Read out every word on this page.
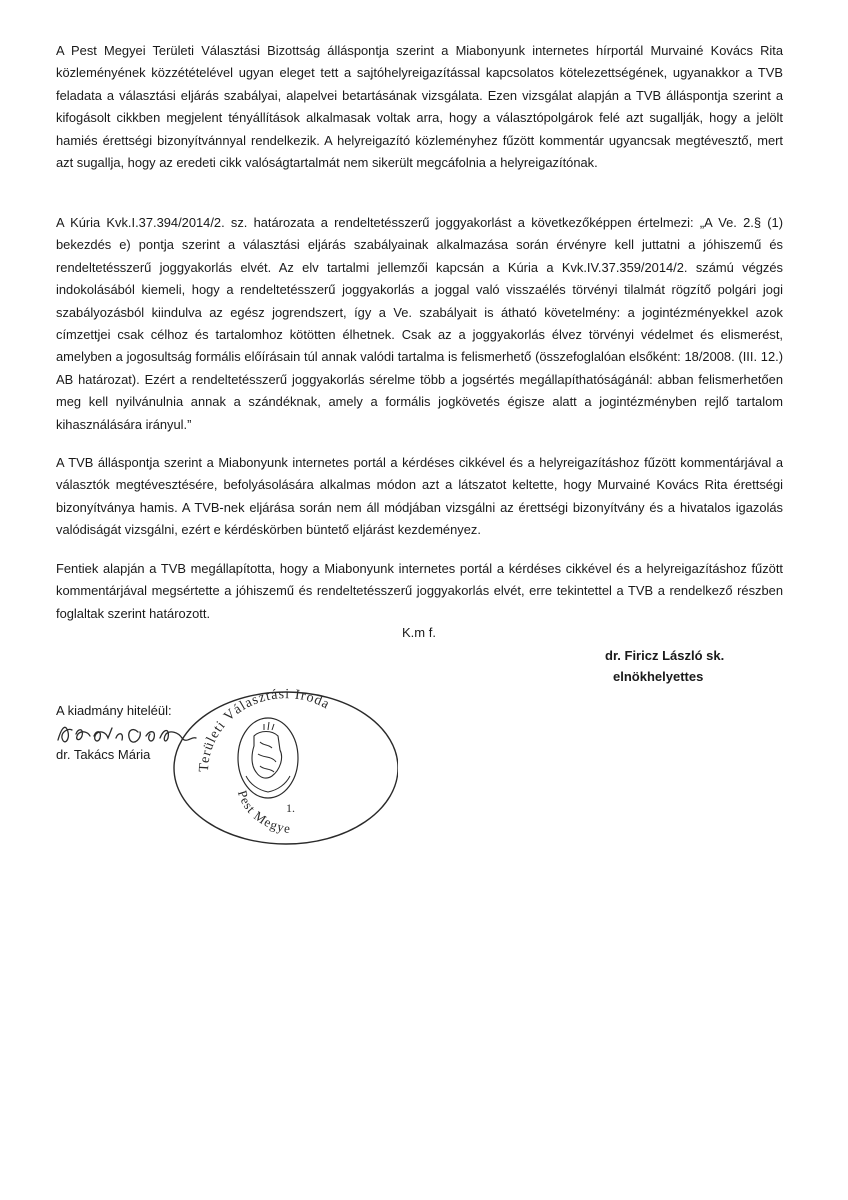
A Pest Megyei Területi Választási Bizottság álláspontja szerint a Miabonyunk internetes hírportál Murvainé Kovács Rita közleményének közzétételével ugyan eleget tett a sajtóhelyreigazítással kapcsolatos kötelezettségének, ugyanakkor a TVB feladata a választási eljárás szabályai, alapelvei betartásának vizsgálata. Ezen vizsgálat alapján a TVB álláspontja szerint a kifogásolt cikkben megjelent tényállítások alkalmasak voltak arra, hogy a választópolgárok felé azt sugallják, hogy a jelölt hamiés érettségi bizonyítvánnyal rendelkezik. A helyreigazító közleményhez fűzött kommentár ugyancsak megtévesztő, mert azt sugallja, hogy az eredeti cikk valóságtartalmát nem sikerült megcáfolnia a helyreigazítónak.

A Kúria Kvk.I.37.394/2014/2. sz. határozata a rendeltetésszerű joggyakorlást a következőképpen értelmezi: „A Ve. 2.§ (1) bekezdés e) pontja szerint a választási eljárás szabályainak alkalmazása során érvényre kell juttatni a jóhiszemű és rendeltetésszerű joggyakorlás elvét. Az elv tartalmi jellemzői kapcsán a Kúria a Kvk.IV.37.359/2014/2. számú végzés indokolásából kiemeli, hogy a rendeltetésszerű joggyakorlás a joggal való visszaélés törvényi tilalmát rögzítő polgári jogi szabályozásból kiindulva az egész jogrendszert, így a Ve. szabályait is átható követelmény: a jogintézményekkel azok címzettjei csak célhoz és tartalomhoz kötötten élhetnek. Csak az a joggyakorlás élvez törvényi védelmet és elismerést, amelyben a jogosultság formális előírásain túl annak valódi tartalma is felismerhető (összefoglalóan elsőként: 18/2008. (III. 12.) AB határozat). Ezért a rendeltetésszerű joggyakorlás sérelme több a jogsértés megállapíthatóságánál: abban felismerhetően meg kell nyilvánulnia annak a szándéknak, amely a formális jogkövetés égisze alatt a jogintézményben rejlő tartalom kihasználására irányul.”

A TVB álláspontja szerint a Miabonyunk internetes portál a kérdéses cikkével és a helyreigazításhoz fűzött kommentárjával a választók megtévesztésére, befolyásolására alkalmas módon azt a látszatot keltette, hogy Murvainé Kovács Rita érettségi bizonyítványa hamis. A TVB-nek eljárása során nem áll módjában vizsgálni az érettségi bizonyítvány és a hivatalos igazolás valódiságát vizsgálni, ezért e kérdéskörben büntető eljárást kezdeményez.

Fentiek alapján a TVB megállapította, hogy a Miabonyunk internetes portál a kérdéses cikkével és a helyreigazításhoz fűzött kommentárjával megsértette a jóhiszemű és rendeltetésszerű joggyakorlás elvét, erre tekintettel a TVB a rendelkező részben foglaltak szerint határozott.

K.m f.
dr. Firicz László sk.
elnökhelyettes
A kiadmány hiteléül:
dr. Takács Mária
Területi Választási Iroda
Pest Megye
1.
